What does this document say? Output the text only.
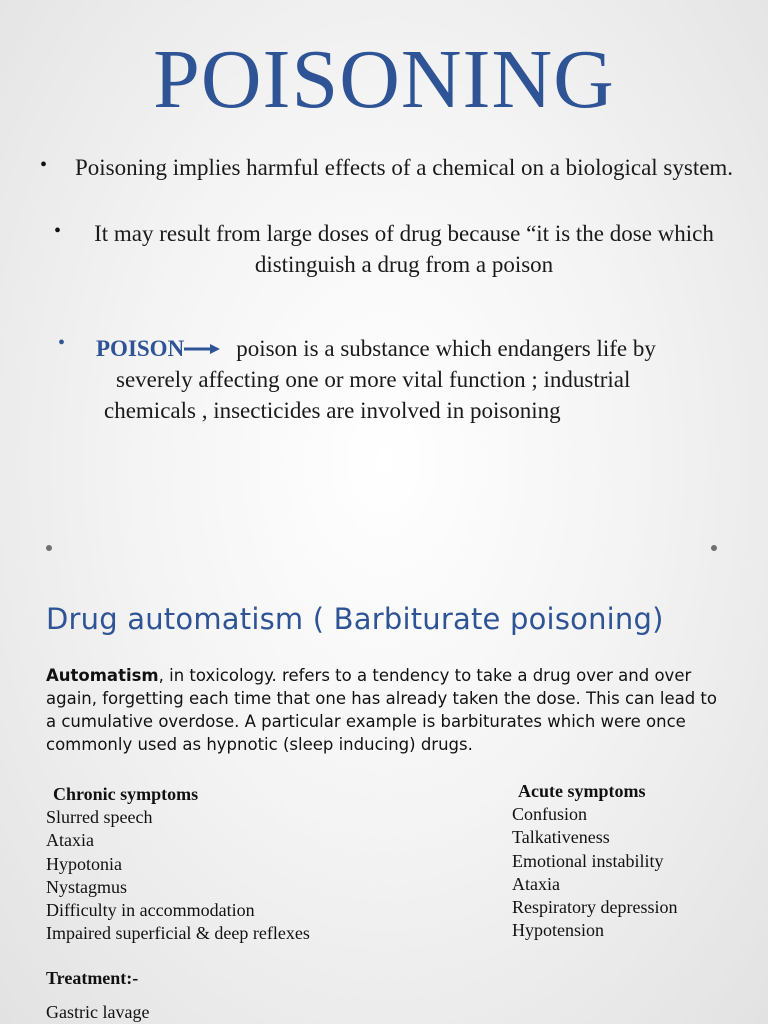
POISONING
• Poisoning implies harmful effects of a chemical on a biological system.
•	It may result from large doses of drug because “it is the dose which distinguish a drug from a poison
• POISON poison is a substance which endangers life by
severely affecting one or more vital function ; industrial
chemicals , insecticides are involved in poisoning
Drug automatism ( Barbiturate poisoning)
Automatism, in toxicology. refers to a tendency to take a drug over and over again, forgetting each time that one has already taken the dose. This can lead to a cumulative overdose. A particular example is barbiturates which were once commonly used as hypnotic (sleep inducing) drugs.
Chronic symptoms
Slurred speech
Ataxia
Hypotonia
Nystagmus
Difficulty in accommodation
Impaired superficial & deep reflexes
Acute symptoms
Confusion
Talkativeness
Emotional instability
Ataxia
Respiratory depression
Hypotension
Treatment:-
Gastric lavage
